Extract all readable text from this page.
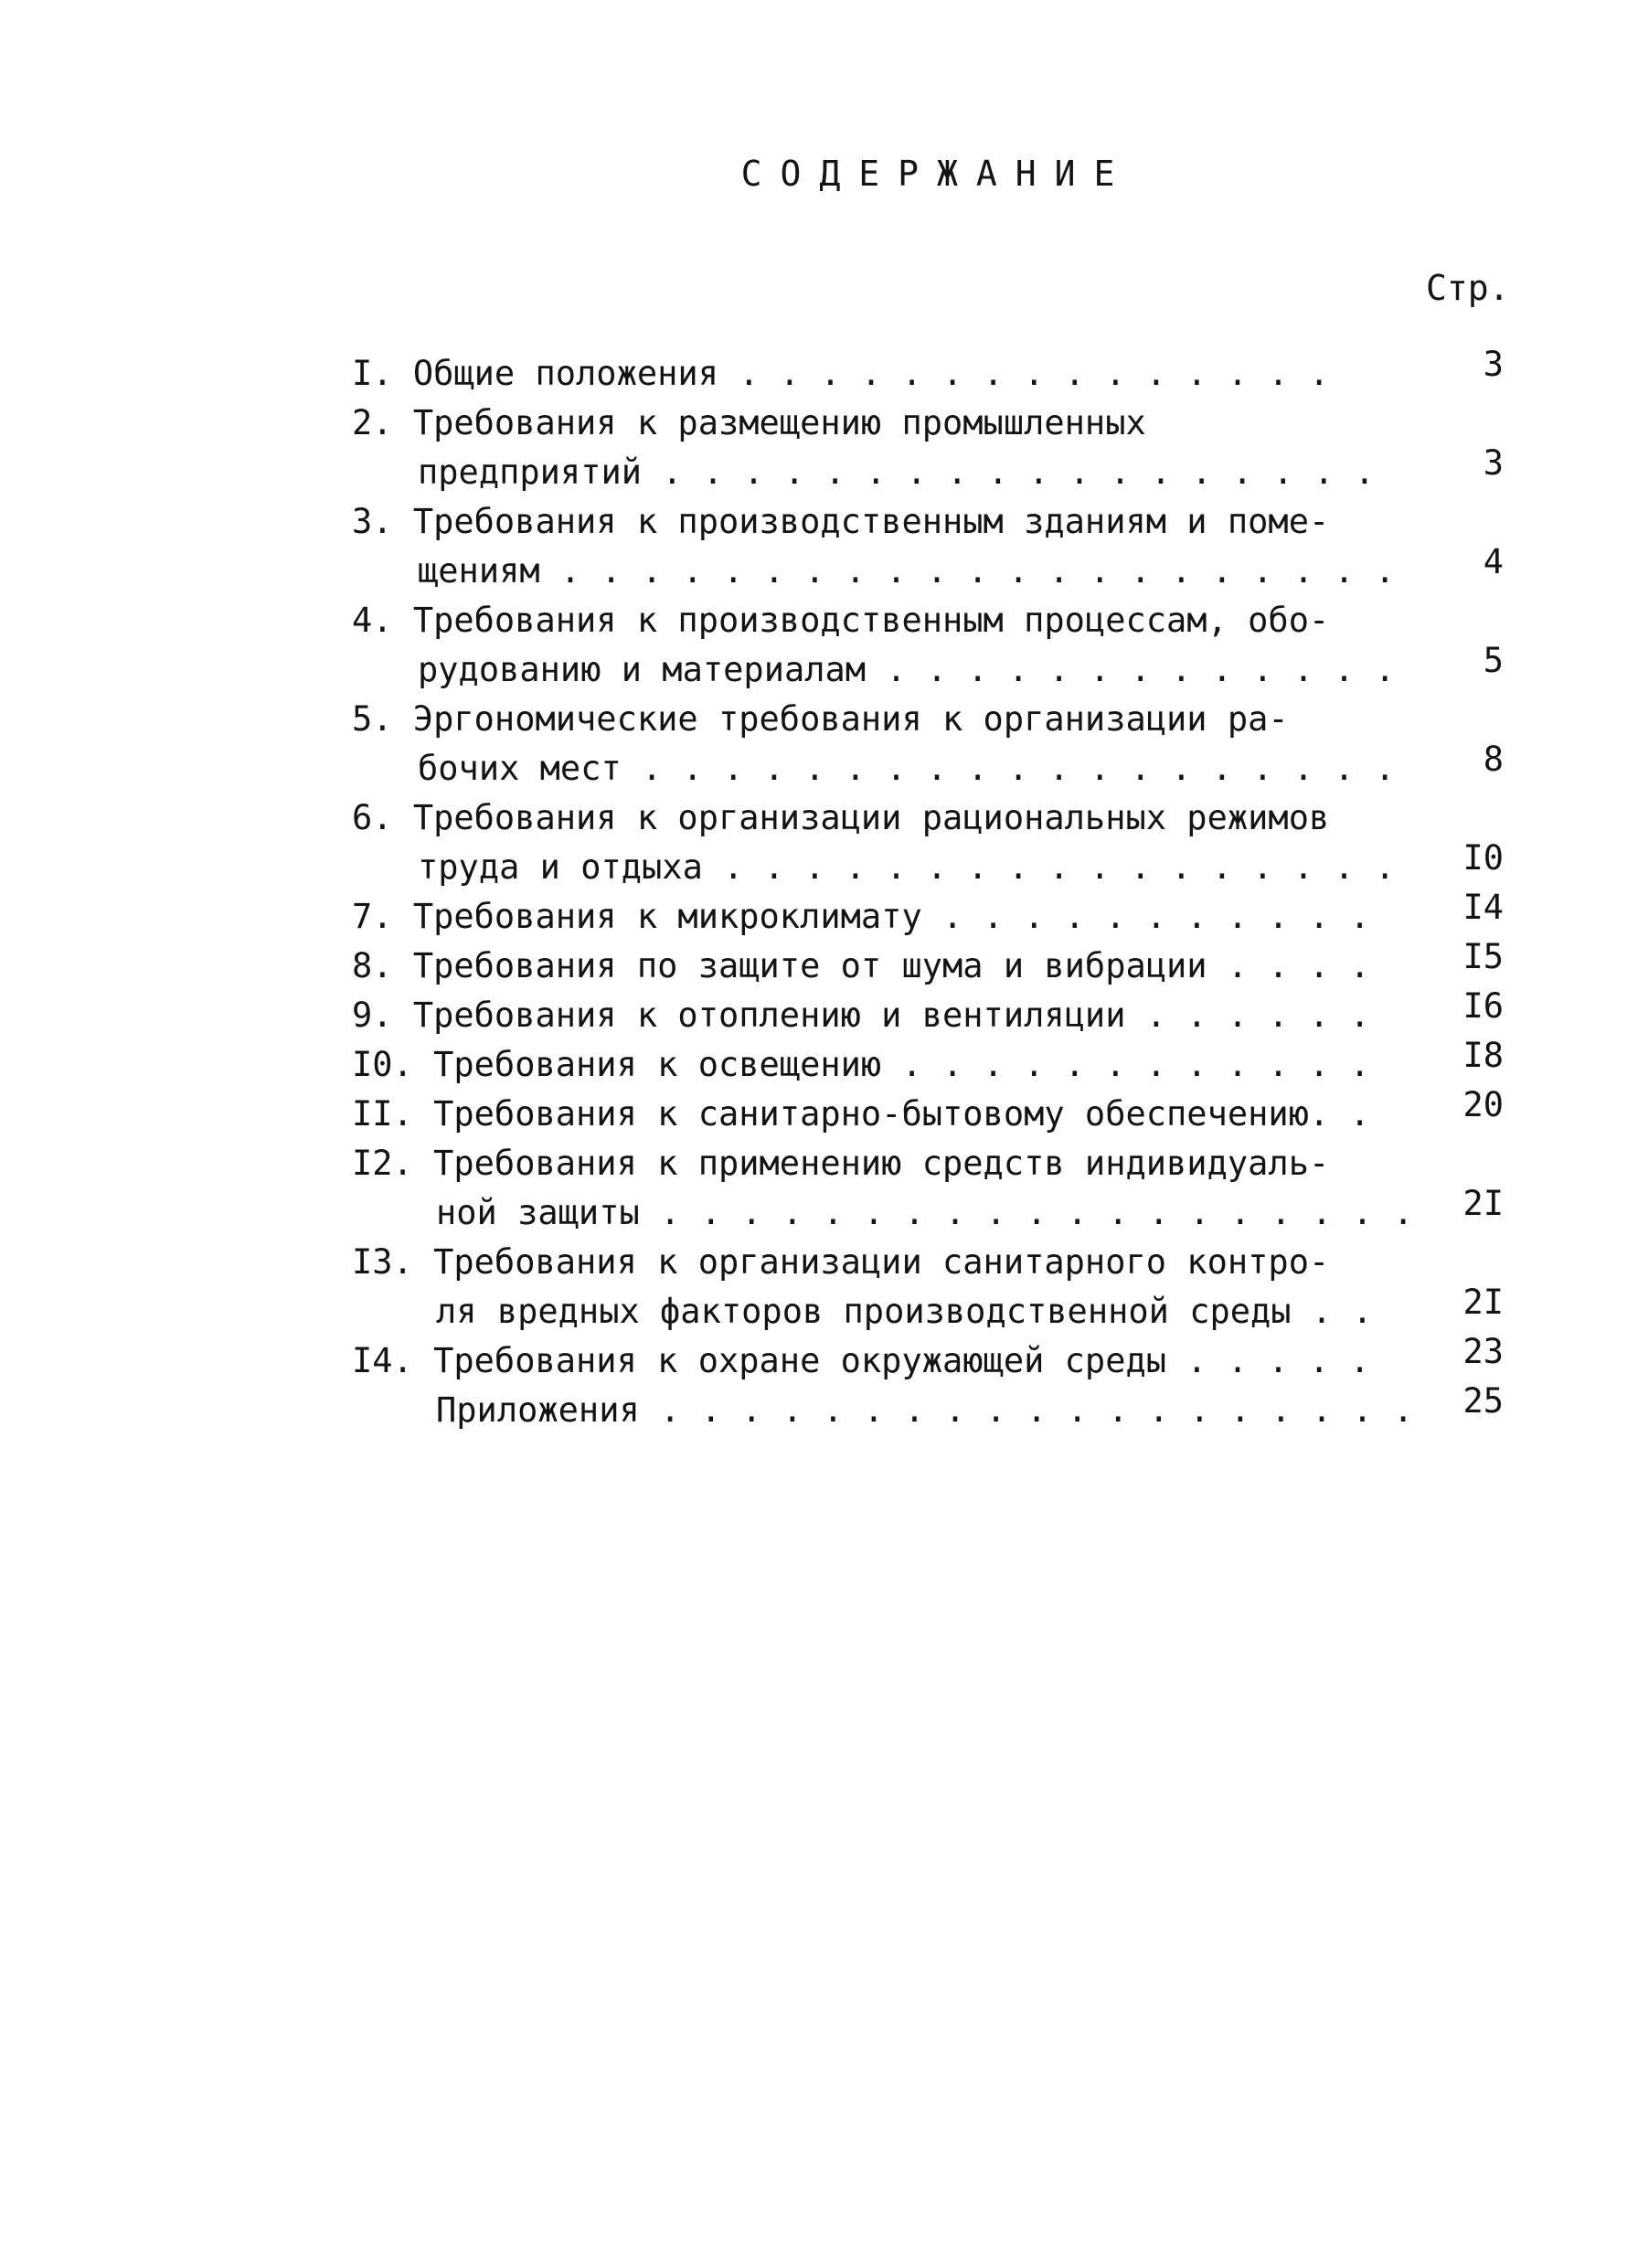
СОДЕРЖАНИЕ
Стр.
I. Общие положения . . . . . . . . . . . . . . .	3
2. Требования к размещению промышленных
предприятий . . . . . . . . . . . . . . . . . .	3
3. Требования к производственным зданиям и поме-
щениям . . . . . . . . . . . . . . . . . . . . .	4
4. Требования к производственным процессам, обо-
рудованию и материалам . . . . . . . . . . . . .	5
5. Эргономические требования к организации ра-
бочих мест . . . . . . . . . . . . . . . . . . .	8
6. Требования к организации рациональных режимов
труда и отдыха . . . . . . . . . . . . . . . . .	I0
7. Требования к микроклимату . . . . . . . . . . .	I4
8. Требования по защите от шума и вибрации . . . .	I5
9. Требования к отоплению и вентиляции . . . . . .	I6
I0. Требования к освещению . . . . . . . . . . . .	I8
II. Требования к санитарно-бытовому обеспечению. .	20
I2. Требования к применению средств индивидуаль-
ной защиты . . . . . . . . . . . . . . . . . . .	2I
I3. Требования к организации санитарного контро-
ля вредных факторов производственной среды . .	2I
I4. Требования к охране окружающей среды . . . . .	23
Приложения . . . . . . . . . . . . . . . . . . .	25
